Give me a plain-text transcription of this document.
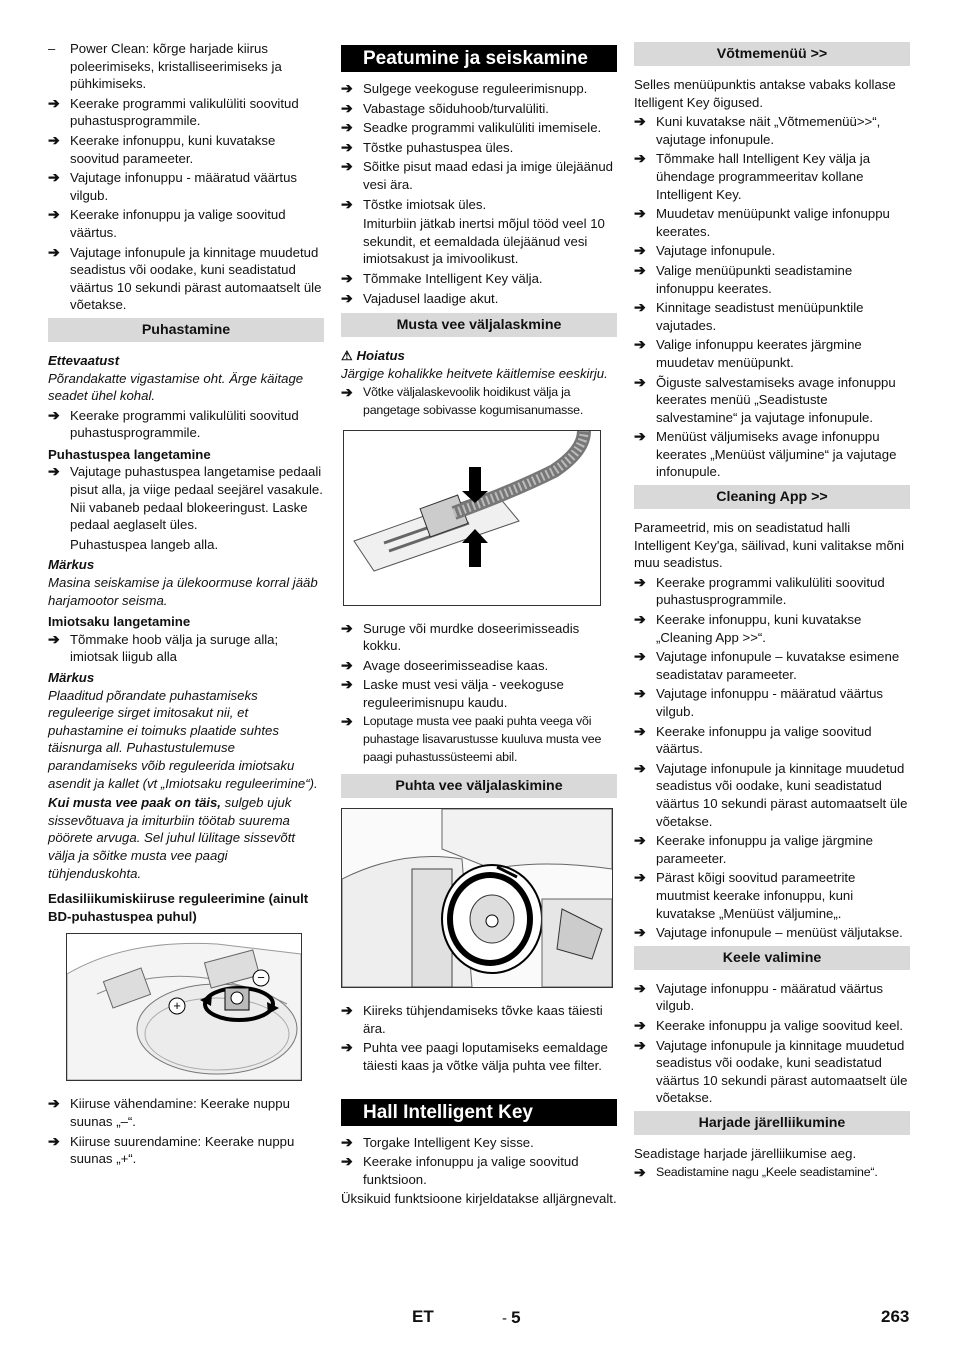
–	Power Clean: kõrge harjade kiirus poleerimiseks, kristalliseerimiseks ja pühkimiseks.
➔ Keerake programmi valikulüliti soovitud puhastusprogrammile.
➔ Keerake infonuppu, kuni kuvatakse soovitud parameeter.
➔ Vajutage infonuppu - määratud väärtus vilgub.
➔ Keerake infonuppu ja valige soovitud väärtus.
➔ Vajutage infonupule ja kinnitage muudetud seadistus või oodake, kuni seadistatud väärtus 10 sekundi pärast automaatselt üle võetakse.
Puhastamine
Ettevaatust

Põrandakatte vigastamise oht. Ärge käitage seadet ühel kohal.

➔ Keerake programmi valikulüliti soovitud puhastusprogrammile.
Puhastuspea langetamine
➔ Vajutage puhastuspea langetamise pedaali pisut alla, ja viige pedaal seejärel vasakule. Nii vabaneb pedaal blokeeringust. Laske pedaal aeglaselt üles.

Puhastuspea langeb alla.

Märkus

Masina seiskamise ja ülekoormuse korral jääb harjamootor seisma.

Imiotsaku langetamine
➔ Tõmmake hoob välja ja suruge alla; imiotsak liigub alla
Märkus

Plaaditud põrandate puhastamiseks reguleerige sirget imitosakut nii, et puhastamine ei toimuks plaatide suhtes täisnurga all. Puhastustulemuse parandamiseks võib reguleerida imiotsaku asendit ja kallet (vt „Imiotsaku reguleerimine“).

Kui musta vee paak on täis, sulgeb ujuk sissevõtuava ja imiturbiin töötab suurema pöörete arvuga. Sel juhul lülitage sissevõtt välja ja sõitke musta vee paagi tühjenduskohta.

Edasiliikumiskiiruse reguleerimine (ainult BD-puhastuspea puhul)
+
−
➔ Kiiruse vähendamine: Keerake nuppu suunas „–“.
➔ Kiiruse suurendamine: Keerake nuppu suunas „+“.
Peatumine ja seiskamine
➔ Sulgege veekoguse reguleerimisnupp.
➔ Vabastage sõiduhoob/turvalüliti.
➔ Seadke programmi valikulüliti imemisele.
➔ Tõstke puhastuspea üles.
➔ Sõitke pisut maad edasi ja imige ülejäänud vesi ära.
➔ Tõstke imiotsak üles.

Imiturbiin jätkab inertsi mõjul tööd veel 10 sekundit, et eemaldada ülejäänud vesi imiotsakust ja imivoolikust.

➔ Tõmmake Intelligent Key välja.
➔ Vajadusel laadige akut.
Musta vee väljalaskmine
⚠ Hoiatus

Järgige kohalikke heitvete käitlemise eeskirju.

➔ Võtke väljalaskevoolik hoidikust välja ja pangetage sobivasse kogumisanumasse.
➔ Suruge või murdke doseerimisseadis kokku.
➔ Avage doseerimisseadise kaas.
➔ Laske must vesi välja - veekoguse reguleerimisnupu kaudu.
➔ Loputage musta vee paaki puhta veega või puhastage lisavarustusse kuuluva musta vee paagi puhastussüsteemi abil.
Puhta vee väljalaskimine
➔ Kiireks tühjendamiseks tõvke kaas täiesti ära.
➔ Puhta vee paagi loputamiseks eemaldage täiesti kaas ja võtke välja puhta vee filter.
Hall Intelligent Key
➔ Torgake Intelligent Key sisse.
➔ Keerake infonuppu ja valige soovitud funktsioon.

Üksikuid funktsioone kirjeldatakse alljärgnevalt.

Võtmemenüü >>

Selles menüüpunktis antakse vabaks kollase Itelligent Key õigused.

➔ Kuni kuvatakse näit „Võtmemenüü>>“, vajutage infonupule.
➔ Tõmmake hall Intelligent Key välja ja ühendage programmeeritav kollane Intelligent Key.
➔ Muudetav menüüpunkt valige infonuppu keerates.
➔ Vajutage infonupule.
➔ Valige menüüpunkti seadistamine infonuppu keerates.
➔ Kinnitage seadistust menüüpunktile vajutades.
➔ Valige infonuppu keerates järgmine muudetav menüüpunkt.
➔ Õiguste salvestamiseks avage infonuppu keerates menüü „Seadistuste salvestamine“ ja vajutage infonupule.
➔ Menüüst väljumiseks avage infonuppu keerates „Menüüst väljumine“ ja vajutage infonupule.
Cleaning App >>

Parameetrid, mis on seadistatud halli Intelligent Key'ga, säilivad, kuni valitakse mõni muu seadistus.

➔ Keerake programmi valikulüliti soovitud puhastusprogrammile.
➔ Keerake infonuppu, kuni kuvatakse „Cleaning App >>“.
➔ Vajutage infonupule – kuvatakse esimene seadistatav parameeter.
➔ Vajutage infonuppu - määratud väärtus vilgub.
➔ Keerake infonuppu ja valige soovitud väärtus.
➔ Vajutage infonupule ja kinnitage muudetud seadistus või oodake, kuni seadistatud väärtus 10 sekundi pärast automaatselt üle võetakse.
➔ Keerake infonuppu ja valige järgmine parameeter.
➔ Pärast kõigi soovitud parameetrite muutmist keerake infonuppu, kuni kuvatakse „Menüüst väljumine„.
➔ Vajutage infonupule – menüüst väljutakse.
Keele valimine
➔ Vajutage infonuppu - määratud väärtus vilgub.
➔ Keerake infonuppu ja valige soovitud keel.
➔ Vajutage infonupule ja kinnitage muudetud seadistus või oodake, kuni seadistatud väärtus 10 sekundi pärast automaatselt üle võetakse.
Harjade järelliikumine

Seadistage harjade järelliikumise aeg.

➔ Seadistamine nagu „Keele seadistamine“.
ET	- 5	263
